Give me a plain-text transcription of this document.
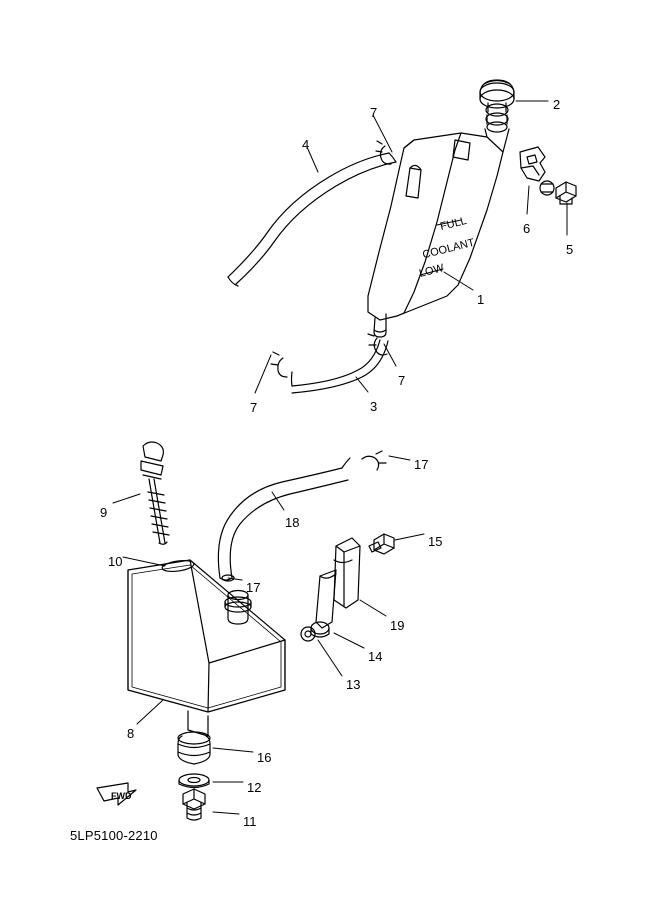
FULL
COOLANT
LOW
FWD
5LP5100-2210
2
7
4
6
5
1
7
7	3
17
9
18
15
10
17
19
14
13
8
16
12
11
